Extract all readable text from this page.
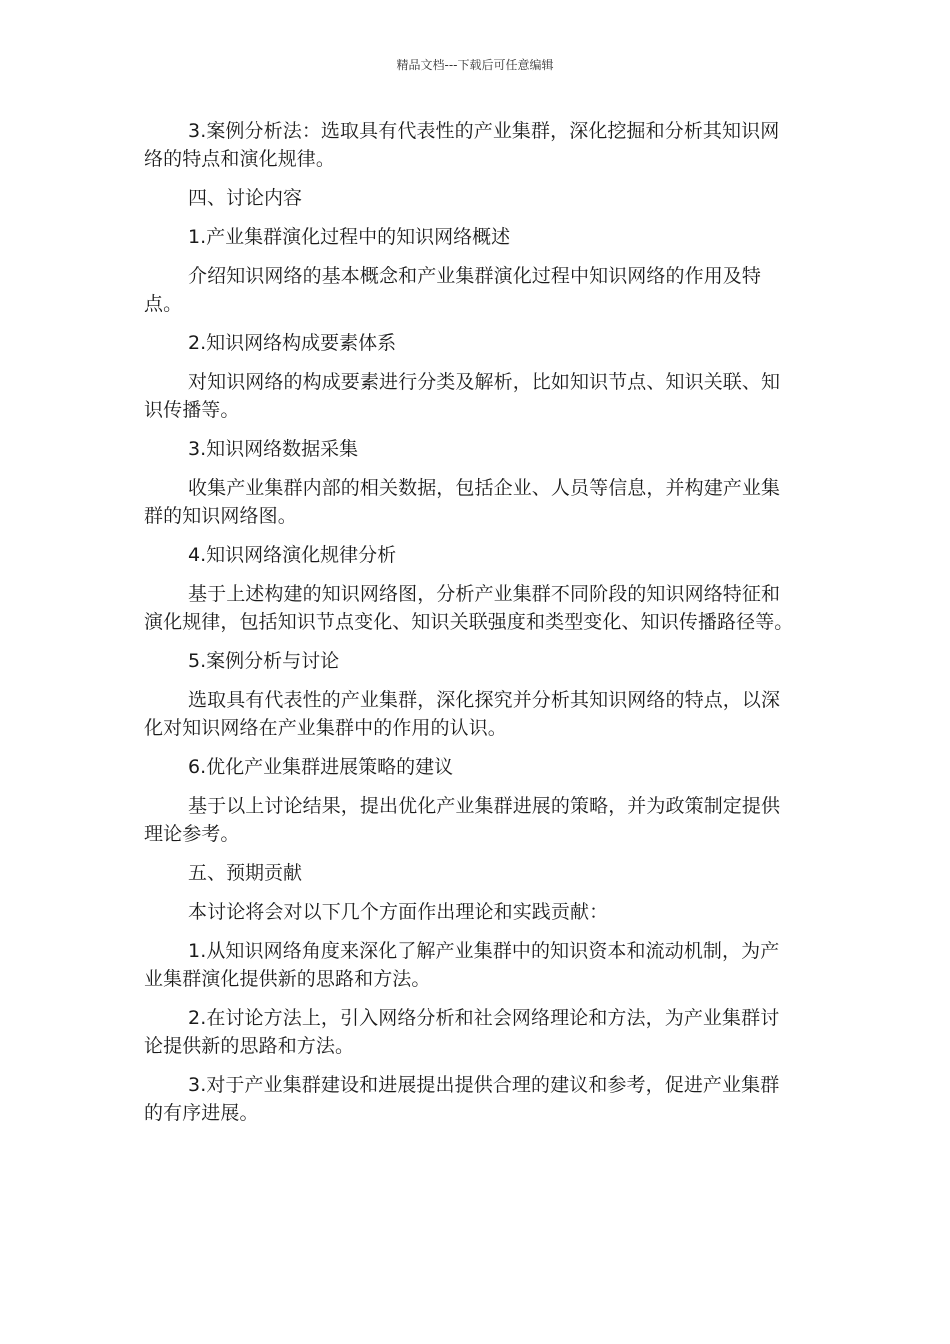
精品文档---下载后可任意编辑

3.案例分析法：选取具有代表性的产业集群，深化挖掘和分析其知识网络的特点和演化规律。

四、讨论内容

1.产业集群演化过程中的知识网络概述

介绍知识网络的基本概念和产业集群演化过程中知识网络的作用及特点。

2.知识网络构成要素体系

对知识网络的构成要素进行分类及解析，比如知识节点、知识关联、知识传播等。

3.知识网络数据采集

收集产业集群内部的相关数据，包括企业、人员等信息，并构建产业集群的知识网络图。

4.知识网络演化规律分析

基于上述构建的知识网络图，分析产业集群不同阶段的知识网络特征和演化规律，包括知识节点变化、知识关联强度和类型变化、知识传播路径等。

5.案例分析与讨论

选取具有代表性的产业集群，深化探究并分析其知识网络的特点，以深化对知识网络在产业集群中的作用的认识。

6.优化产业集群进展策略的建议

基于以上讨论结果，提出优化产业集群进展的策略，并为政策制定提供理论参考。

五、预期贡献

本讨论将会对以下几个方面作出理论和实践贡献：

1.从知识网络角度来深化了解产业集群中的知识资本和流动机制，为产业集群演化提供新的思路和方法。

2.在讨论方法上，引入网络分析和社会网络理论和方法，为产业集群讨论提供新的思路和方法。

3.对于产业集群建设和进展提出提供合理的建议和参考，促进产业集群的有序进展。
